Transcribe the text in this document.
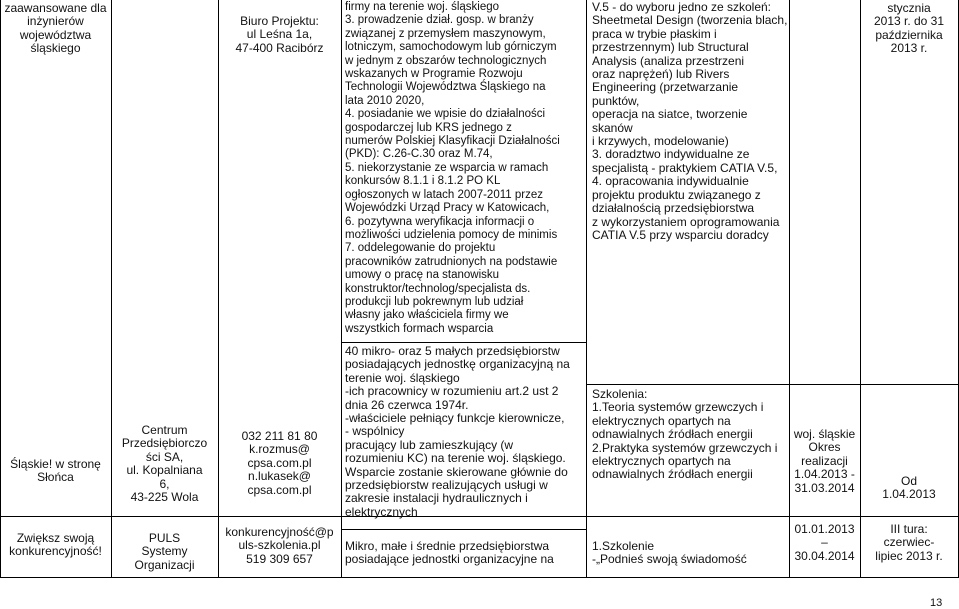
zaawansowane dla
inżynierów
województwa
śląskiego
Śląskie! w stronę
Słońca
Zwiększ swoją
konkurencyjność!
Centrum
Przedsiębiorczo
ści SA,
ul. Kopalniana
6,
43-225 Wola
PULS
Systemy
Organizacji
Biuro Projektu:
ul Leśna 1a,
47-400 Racibórz
032 211 81 80
k.rozmus@
cpsa.com.pl
n.lukasek@
cpsa.com.pl
konkurencyjność@p
uls-szkolenia.pl
519 309 657
firmy na terenie woj. śląskiego
3. prowadzenie dział. gosp. w branży
związanej z przemysłem maszynowym,
lotniczym, samochodowym lub górniczym
w jednym z obszarów technologicznych
wskazanych w Programie Rozwoju
Technologii Województwa Śląskiego na
lata 2010 2020,
4. posiadanie we wpisie do działalności
gospodarczej lub KRS jednego z
numerów Polskiej Klasyfikacji Działalności
(PKD): C.26-C.30 oraz M.74,
5. niekorzystanie ze wsparcia w ramach
konkursów 8.1.1 i 8.1.2 PO KL
ogłoszonych w latach 2007-2011 przez
Wojewódzki Urząd Pracy w Katowicach,
6. pozytywna weryfikacja informacji o
możliwości udzielenia pomocy de minimis
7. oddelegowanie do projektu
pracowników zatrudnionych na podstawie
umowy o pracę na stanowisku
konstruktor/technolog/specjalista ds.
produkcji lub pokrewnym lub udział
własny jako właściciela firmy we
wszystkich formach wsparcia
40 mikro- oraz 5 małych przedsiębiorstw
posiadających jednostkę organizacyjną na
terenie woj. śląskiego
-ich pracownicy w rozumieniu art.2 ust 2
dnia 26 czerwca 1974r.
-właściciele pełniący funkcje kierownicze,
- wspólnicy
pracujący lub zamieszkujący (w
rozumieniu KC) na terenie woj. śląskiego.
Wsparcie zostanie skierowane głównie do
przedsiębiorstw realizujących usługi w
zakresie instalacji hydraulicznych i
elektrycznych
Mikro, małe i średnie przedsiębiorstwa
posiadające jednostki organizacyjne na
V.5 - do wyboru jedno ze szkoleń:
Sheetmetal Design (tworzenia blach,
praca w trybie płaskim i
przestrzennym) lub Structural
Analysis (analiza przestrzeni
oraz naprężeń) lub Rivers
Engineering (przetwarzanie punktów,
operacja na siatce, tworzenie skanów
i krzywych, modelowanie)
3. doradztwo indywidualne ze
specjalistą - praktykiem CATIA V.5,
4. opracowania indywidualnie
projektu produktu związanego z
działalnością przedsiębiorstwa
z wykorzystaniem oprogramowania
CATIA V.5 przy wsparciu doradcy
Szkolenia:
1.Teoria systemów grzewczych i
elektrycznych opartych na
odnawialnych źródłach energii
2.Praktyka systemów grzewczych i
elektrycznych opartych na
odnawialnych źródłach energii
1.Szkolenie
-„Podnieś swoją świadomość
woj. śląskie
Okres
realizacji
1.04.2013 -
31.03.2014
01.01.2013
–
30.04.2014
stycznia
2013 r. do 31
października
2013 r.
Od
1.04.2013
III tura:
czerwiec-
lipiec 2013 r.
13
